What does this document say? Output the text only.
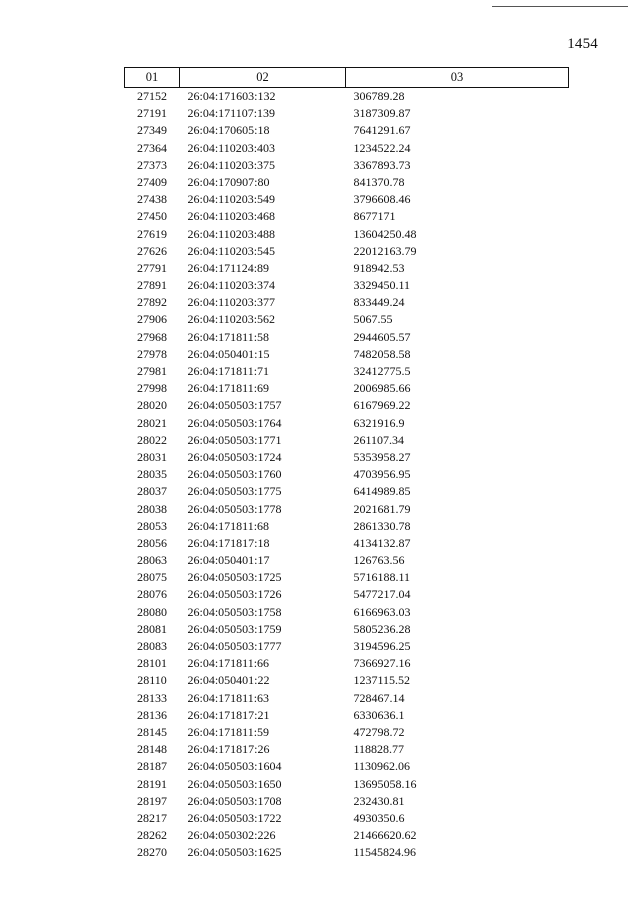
1454
01	02	03
27152	26:04:171603:132	306789.28
27191	26:04:171107:139	3187309.87
27349	26:04:170605:18	7641291.67
27364	26:04:110203:403	1234522.24
27373	26:04:110203:375	3367893.73
27409	26:04:170907:80	841370.78
27438	26:04:110203:549	3796608.46
27450	26:04:110203:468	8677171
27619	26:04:110203:488	13604250.48
27626	26:04:110203:545	22012163.79
27791	26:04:171124:89	918942.53
27891	26:04:110203:374	3329450.11
27892	26:04:110203:377	833449.24
27906	26:04:110203:562	5067.55
27968	26:04:171811:58	2944605.57
27978	26:04:050401:15	7482058.58
27981	26:04:171811:71	32412775.5
27998	26:04:171811:69	2006985.66
28020	26:04:050503:1757	6167969.22
28021	26:04:050503:1764	6321916.9
28022	26:04:050503:1771	261107.34
28031	26:04:050503:1724	5353958.27
28035	26:04:050503:1760	4703956.95
28037	26:04:050503:1775	6414989.85
28038	26:04:050503:1778	2021681.79
28053	26:04:171811:68	2861330.78
28056	26:04:171817:18	4134132.87
28063	26:04:050401:17	126763.56
28075	26:04:050503:1725	5716188.11
28076	26:04:050503:1726	5477217.04
28080	26:04:050503:1758	6166963.03
28081	26:04:050503:1759	5805236.28
28083	26:04:050503:1777	3194596.25
28101	26:04:171811:66	7366927.16
28110	26:04:050401:22	1237115.52
28133	26:04:171811:63	728467.14
28136	26:04:171817:21	6330636.1
28145	26:04:171811:59	472798.72
28148	26:04:171817:26	118828.77
28187	26:04:050503:1604	1130962.06
28191	26:04:050503:1650	13695058.16
28197	26:04:050503:1708	232430.81
28217	26:04:050503:1722	4930350.6
28262	26:04:050302:226	21466620.62
28270	26:04:050503:1625	11545824.96
